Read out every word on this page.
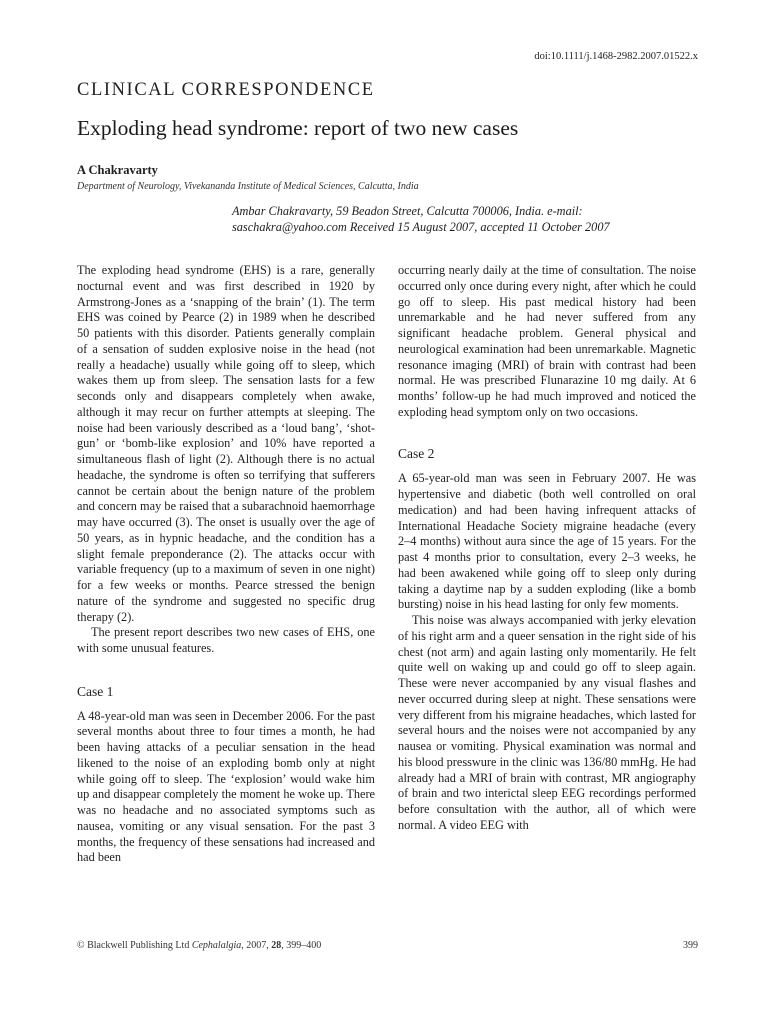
doi:10.1111/j.1468-2982.2007.01522.x
CLINICAL CORRESPONDENCE
Exploding head syndrome: report of two new cases
A Chakravarty
Department of Neurology, Vivekananda Institute of Medical Sciences, Calcutta, India
Ambar Chakravarty, 59 Beadon Street, Calcutta 700006, India. e-mail:
saschakra@yahoo.com Received 15 August 2007, accepted 11 October 2007

The exploding head syndrome (EHS) is a rare, generally nocturnal event and was first described in 1920 by Armstrong-Jones as a ‘snapping of the brain’ (1). The term EHS was coined by Pearce (2) in 1989 when he described 50 patients with this disorder. Patients generally complain of a sensation of sudden explosive noise in the head (not really a headache) usually while going off to sleep, which wakes them up from sleep. The sensation lasts for a few seconds only and disappears completely when awake, although it may recur on further attempts at sleeping. The noise had been variously described as a ‘loud bang’, ‘shot-gun’ or ‘bomb-like explosion’ and 10% have reported a simultaneous flash of light (2). Although there is no actual headache, the syndrome is often so terrifying that sufferers cannot be certain about the benign nature of the problem and concern may be raised that a subarachnoid haemorrhage may have occurred (3). The onset is usually over the age of 50 years, as in hypnic headache, and the condition has a slight female preponderance (2). The attacks occur with variable frequency (up to a maximum of seven in one night) for a few weeks or months. Pearce stressed the benign nature of the syndrome and suggested no specific drug therapy (2).

The present report describes two new cases of EHS, one with some unusual features.

Case 1

A 48-year-old man was seen in December 2006. For the past several months about three to four times a month, he had been having attacks of a peculiar sensation in the head likened to the noise of an exploding bomb only at night while going off to sleep. The ‘explosion’ would wake him up and disappear completely the moment he woke up. There was no headache and no associated symptoms such as nausea, vomiting or any visual sensation. For the past 3 months, the frequency of these sensations had increased and had been

occurring nearly daily at the time of consultation. The noise occurred only once during every night, after which he could go off to sleep. His past medical history had been unremarkable and he had never suffered from any significant headache problem. General physical and neurological examination had been unremarkable. Magnetic resonance imaging (MRI) of brain with contrast had been normal. He was prescribed Flunarazine 10 mg daily. At 6 months’ follow-up he had much improved and noticed the exploding head symptom only on two occasions.

Case 2

A 65-year-old man was seen in February 2007. He was hypertensive and diabetic (both well controlled on oral medication) and had been having infrequent attacks of International Headache Society migraine headache (every 2–4 months) without aura since the age of 15 years. For the past 4 months prior to consultation, every 2–3 weeks, he had been awakened while going off to sleep only during taking a daytime nap by a sudden exploding (like a bomb bursting) noise in his head lasting for only few moments.

This noise was always accompanied with jerky elevation of his right arm and a queer sensation in the right side of his chest (not arm) and again lasting only momentarily. He felt quite well on waking up and could go off to sleep again. These were never accompanied by any visual flashes and never occurred during sleep at night. These sensations were very different from his migraine headaches, which lasted for several hours and the noises were not accompanied by any nausea or vomiting. Physical examination was normal and his blood presswure in the clinic was 136/80 mmHg. He had already had a MRI of brain with contrast, MR angiography of brain and two interictal sleep EEG recordings performed before consultation with the author, all of which were normal. A video EEG with

© Blackwell Publishing Ltd Cephalalgia, 2007, 28, 399–400	399
